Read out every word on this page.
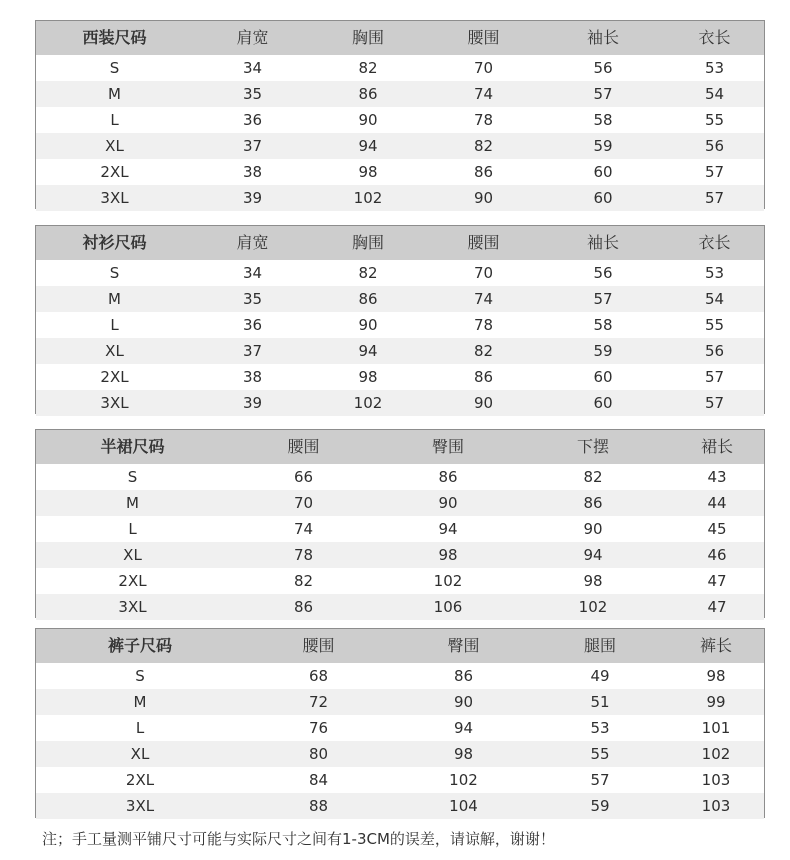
西装尺码	肩宽	胸围	腰围	袖长	衣长
S	34	82	70	56	53
M	35	86	74	57	54
L	36	90	78	58	55
XL	37	94	82	59	56
2XL	38	98	86	60	57
3XL	39	102	90	60	57
衬衫尺码	肩宽	胸围	腰围	袖长	衣长
S	34	82	70	56	53
M	35	86	74	57	54
L	36	90	78	58	55
XL	37	94	82	59	56
2XL	38	98	86	60	57
3XL	39	102	90	60	57
半裙尺码	腰围	臀围	下摆	裙长
S	66	86	82	43
M	70	90	86	44
L	74	94	90	45
XL	78	98	94	46
2XL	82	102	98	47
3XL	86	106	102	47
裤子尺码	腰围	臀围	腿围	裤长
S	68	86	49	98
M	72	90	51	99
L	76	94	53	101
XL	80	98	55	102
2XL	84	102	57	103
3XL	88	104	59	103
注；手工量测平铺尺寸可能与实际尺寸之间有1-3CM的误差，请谅解，谢谢！
